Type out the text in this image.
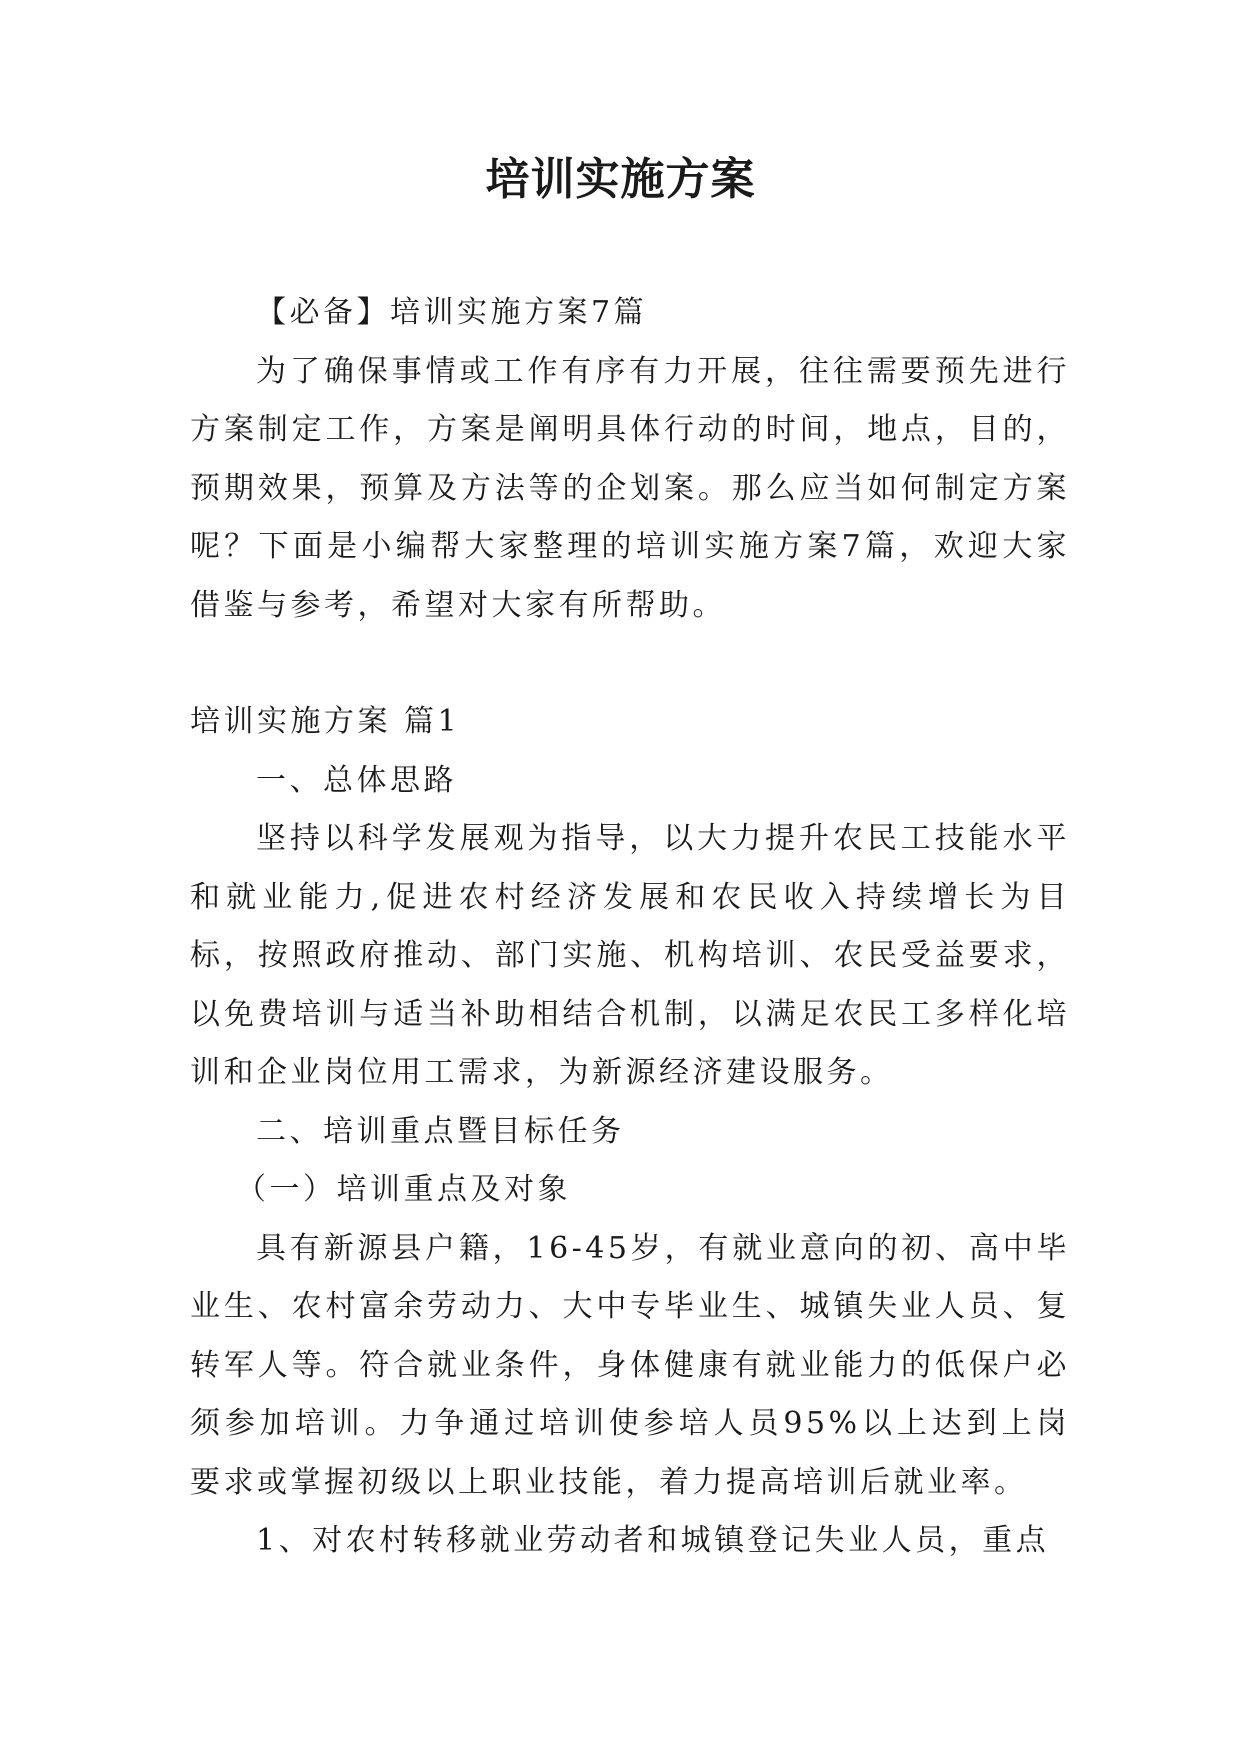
培训实施方案

【必备】培训实施方案7篇

为了确保事情或工作有序有力开展，往往需要预先进行方案制定工作，方案是阐明具体行动的时间，地点，目的，预期效果，预算及方法等的企划案。那么应当如何制定方案呢？下面是小编帮大家整理的培训实施方案7篇，欢迎大家借鉴与参考，希望对大家有所帮助。

培训实施方案 篇1

一、总体思路

坚持以科学发展观为指导，以大力提升农民工技能水平和就业能力,促进农村经济发展和农民收入持续增长为目标，按照政府推动、部门实施、机构培训、农民受益要求，以免费培训与适当补助相结合机制，以满足农民工多样化培训和企业岗位用工需求，为新源经济建设服务。

二、培训重点暨目标任务

（一）培训重点及对象

具有新源县户籍，16-45岁，有就业意向的初、高中毕业生、农村富余劳动力、大中专毕业生、城镇失业人员、复转军人等。符合就业条件，身体健康有就业能力的低保户必须参加培训。力争通过培训使参培人员95%以上达到上岗要求或掌握初级以上职业技能，着力提高培训后就业率。

1、对农村转移就业劳动者和城镇登记失业人员，重点
